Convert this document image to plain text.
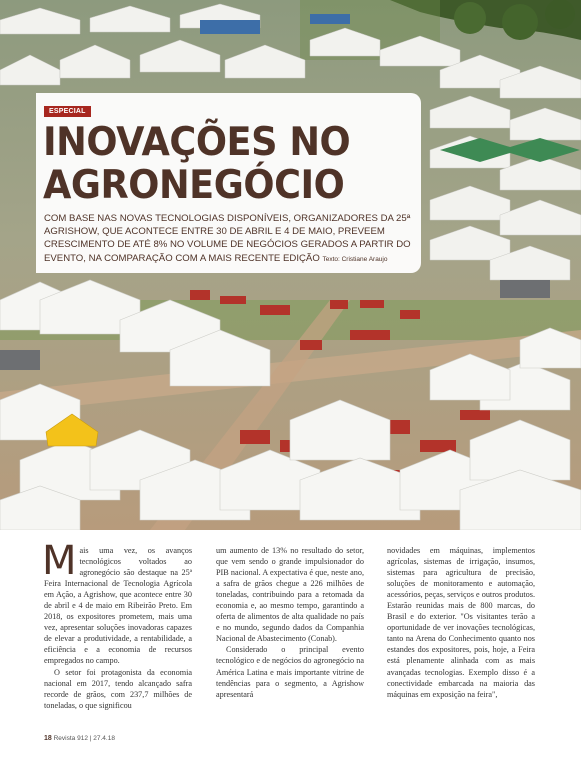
ESPECIAL
INOVAÇÕES NO
AGRONEGÓCIO

COM BASE NAS NOVAS TECNOLOGIAS DISPONÍVEIS, ORGANIZADORES DA 25ª AGRISHOW, QUE ACONTECE ENTRE 30 DE ABRIL E 4 DE MAIO, PREVEEM CRESCIMENTO DE ATÉ 8% NO VOLUME DE NEGÓCIOS GERADOS A PARTIR DO EVENTO, NA COMPARAÇÃO COM A MAIS RECENTE EDIÇÃO Texto: Cristiane Araujo

Mais uma vez, os avanços tecnológicos voltados ao agronegócio são destaque na 25ª Feira Internacional de Tecnologia Agrícola em Ação, a Agrishow, que acontece entre 30 de abril e 4 de maio em Ribeirão Preto. Em 2018, os expositores prometem, mais uma vez, apresentar soluções inovadoras capazes de elevar a produtividade, a rentabilidade, a eficiência e a economia de recursos empregados no campo.

O setor foi protagonista da economia nacional em 2017, tendo alcançado safra recorde de grãos, com 237,7 milhões de toneladas, o que significou

um aumento de 13% no resultado do setor, que vem sendo o grande impulsionador do PIB nacional. A expectativa é que, neste ano, a safra de grãos chegue a 226 milhões de toneladas, contribuindo para a retomada da economia e, ao mesmo tempo, garantindo a oferta de alimentos de alta qualidade no país e no mundo, segundo dados da Companhia Nacional de Abastecimento (Conab).

Considerado o principal evento tecnológico e de negócios do agronegócio na América Latina e mais importante vitrine de tendências para o segmento, a Agrishow apresentará

novidades em máquinas, implementos agrícolas, sistemas de irrigação, insumos, sistemas para agricultura de precisão, soluções de monitoramento e automação, acessórios, peças, serviços e outros produtos. Estarão reunidas mais de 800 marcas, do Brasil e do exterior. "Os visitantes terão a oportunidade de ver inovações tecnológicas, tanto na Arena do Conhecimento quanto nos estandes dos expositores, pois, hoje, a Feira está plenamente alinhada com as mais avançadas tecnologias. Exemplo disso é a conectividade embarcada na maioria das máquinas em exposição na feira",

18 Revista 912 | 27.4.18
